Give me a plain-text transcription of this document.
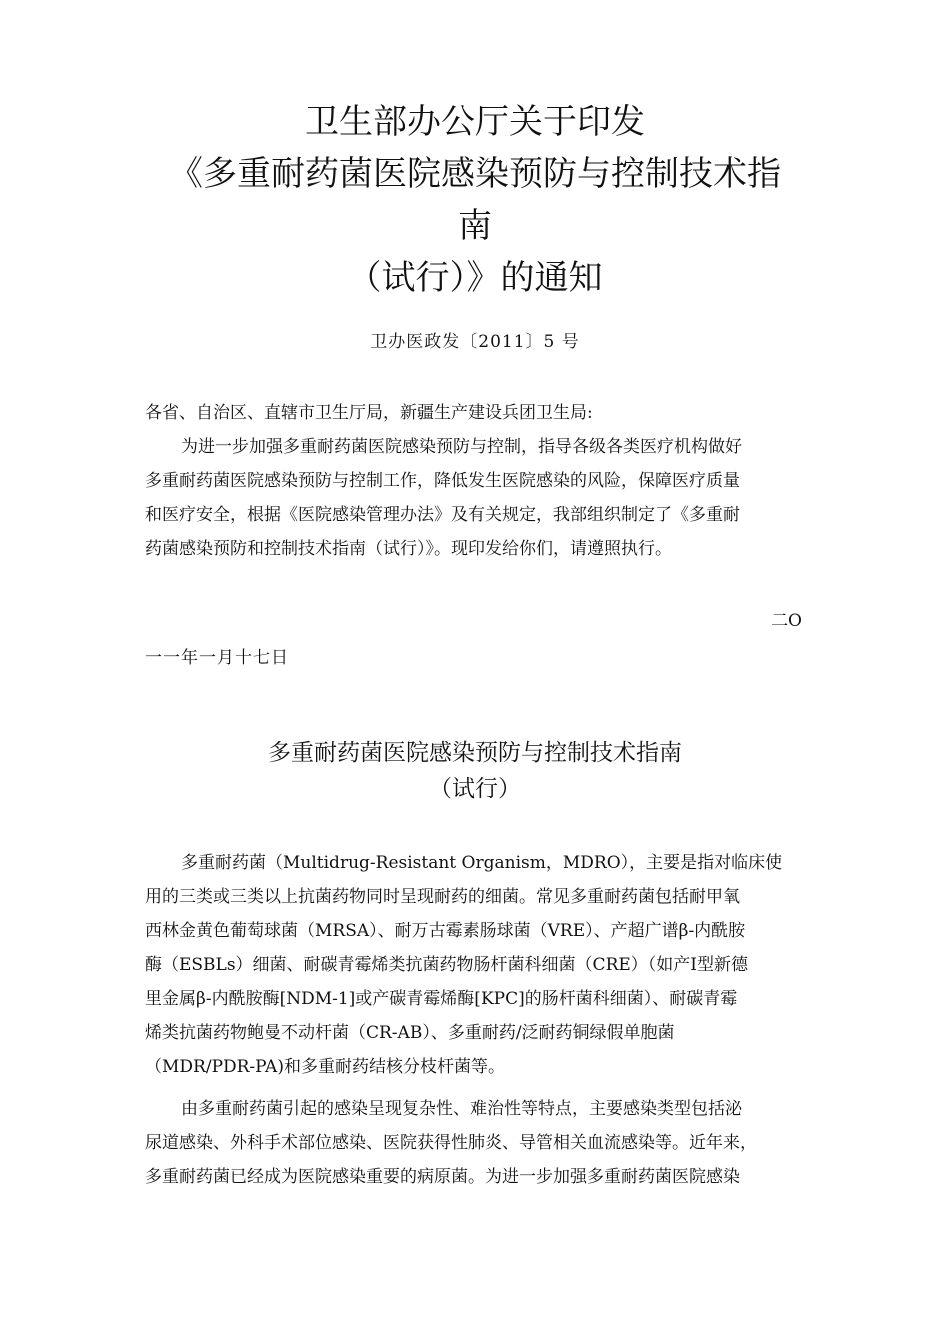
卫生部办公厅关于印发
《多重耐药菌医院感染预防与控制技术指
南
（试行）》的通知
卫办医政发〔2011〕5 号
各省、自治区、直辖市卫生厅局，新疆生产建设兵团卫生局:
为进一步加强多重耐药菌医院感染预防与控制，指导各级各类医疗机构做好
多重耐药菌医院感染预防与控制工作，降低发生医院感染的风险，保障医疗质量
和医疗安全，根据《医院感染管理办法》及有关规定，我部组织制定了《多重耐
药菌感染预防和控制技术指南（试行）》。现印发给你们，请遵照执行。
二O
一一年一月十七日
多重耐药菌医院感染预防与控制技术指南
（试行）
多重耐药菌（Multidrug-Resistant Organism，MDRO），主要是指对临床使
用的三类或三类以上抗菌药物同时呈现耐药的细菌。常见多重耐药菌包括耐甲氧
西林金黄色葡萄球菌（MRSA）、耐万古霉素肠球菌（VRE）、产超广谱β-内酰胺
酶（ESBLs）细菌、耐碳青霉烯类抗菌药物肠杆菌科细菌（CRE）（如产Ⅰ型新德
里金属β-内酰胺酶[NDM-1]或产碳青霉烯酶[KPC]的肠杆菌科细菌）、耐碳青霉
烯类抗菌药物鲍曼不动杆菌（CR-AB）、多重耐药/泛耐药铜绿假单胞菌
（MDR/PDR-PA)和多重耐药结核分枝杆菌等。
由多重耐药菌引起的感染呈现复杂性、难治性等特点，主要感染类型包括泌
尿道感染、外科手术部位感染、医院获得性肺炎、导管相关血流感染等。近年来，
多重耐药菌已经成为医院感染重要的病原菌。为进一步加强多重耐药菌医院感染
